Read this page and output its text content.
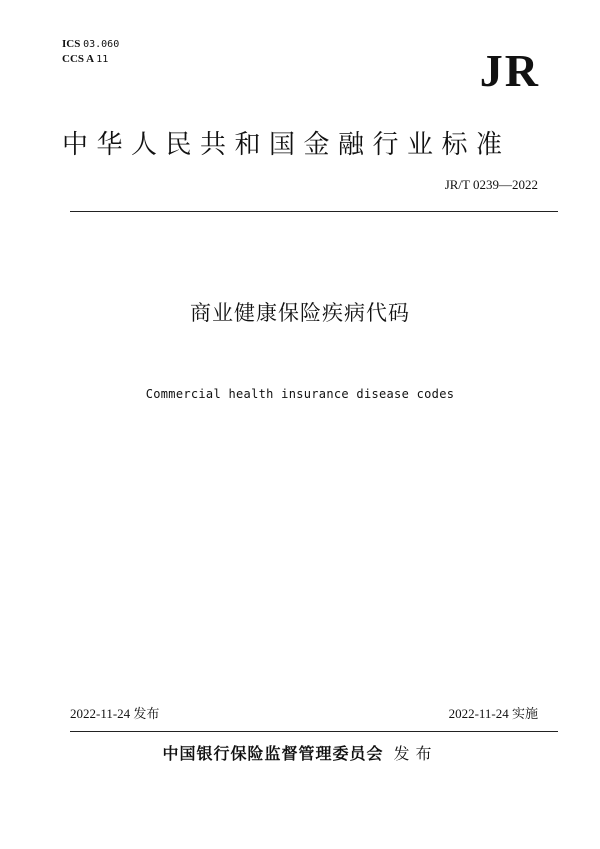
ICS 03.060
CCS A 11	JR
中华人民共和国金融行业标准
JR/T 0239—2022
商业健康保险疾病代码
Commercial health insurance disease codes
2022-11-24 发布	2022-11-24 实施
中国银行保险监督管理委员会 发布
